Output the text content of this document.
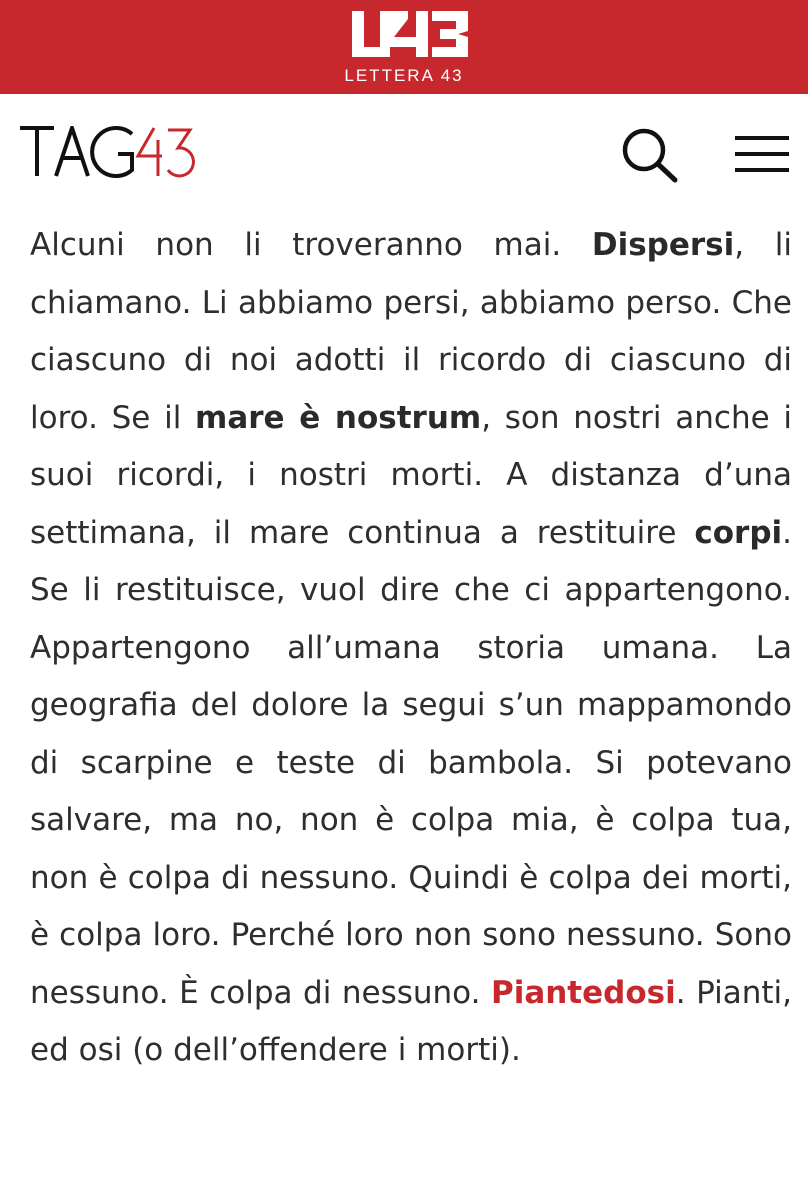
LETTERA 43

Alcuni non li troveranno mai. Dispersi, li chiamano. Li abbiamo persi, abbiamo perso. Che ciascuno di noi adotti il ricordo di ciascuno di loro. Se il mare è nostrum, son nostri anche i suoi ricordi, i nostri morti. A distanza d’una settimana, il mare continua a restituire corpi. Se li restituisce, vuol dire che ci appartengono. Appartengono all’umana storia umana. La geografia del dolore la segui s’un mappamondo di scarpine e teste di bambola. Si potevano salvare, ma no, non è colpa mia, è colpa tua, non è colpa di nessuno. Quindi è colpa dei morti, è colpa loro. Perché loro non sono nessuno. Sono nessuno. È colpa di nessuno. Piantedosi. Pianti, ed osi (o dell’offendere i morti).
